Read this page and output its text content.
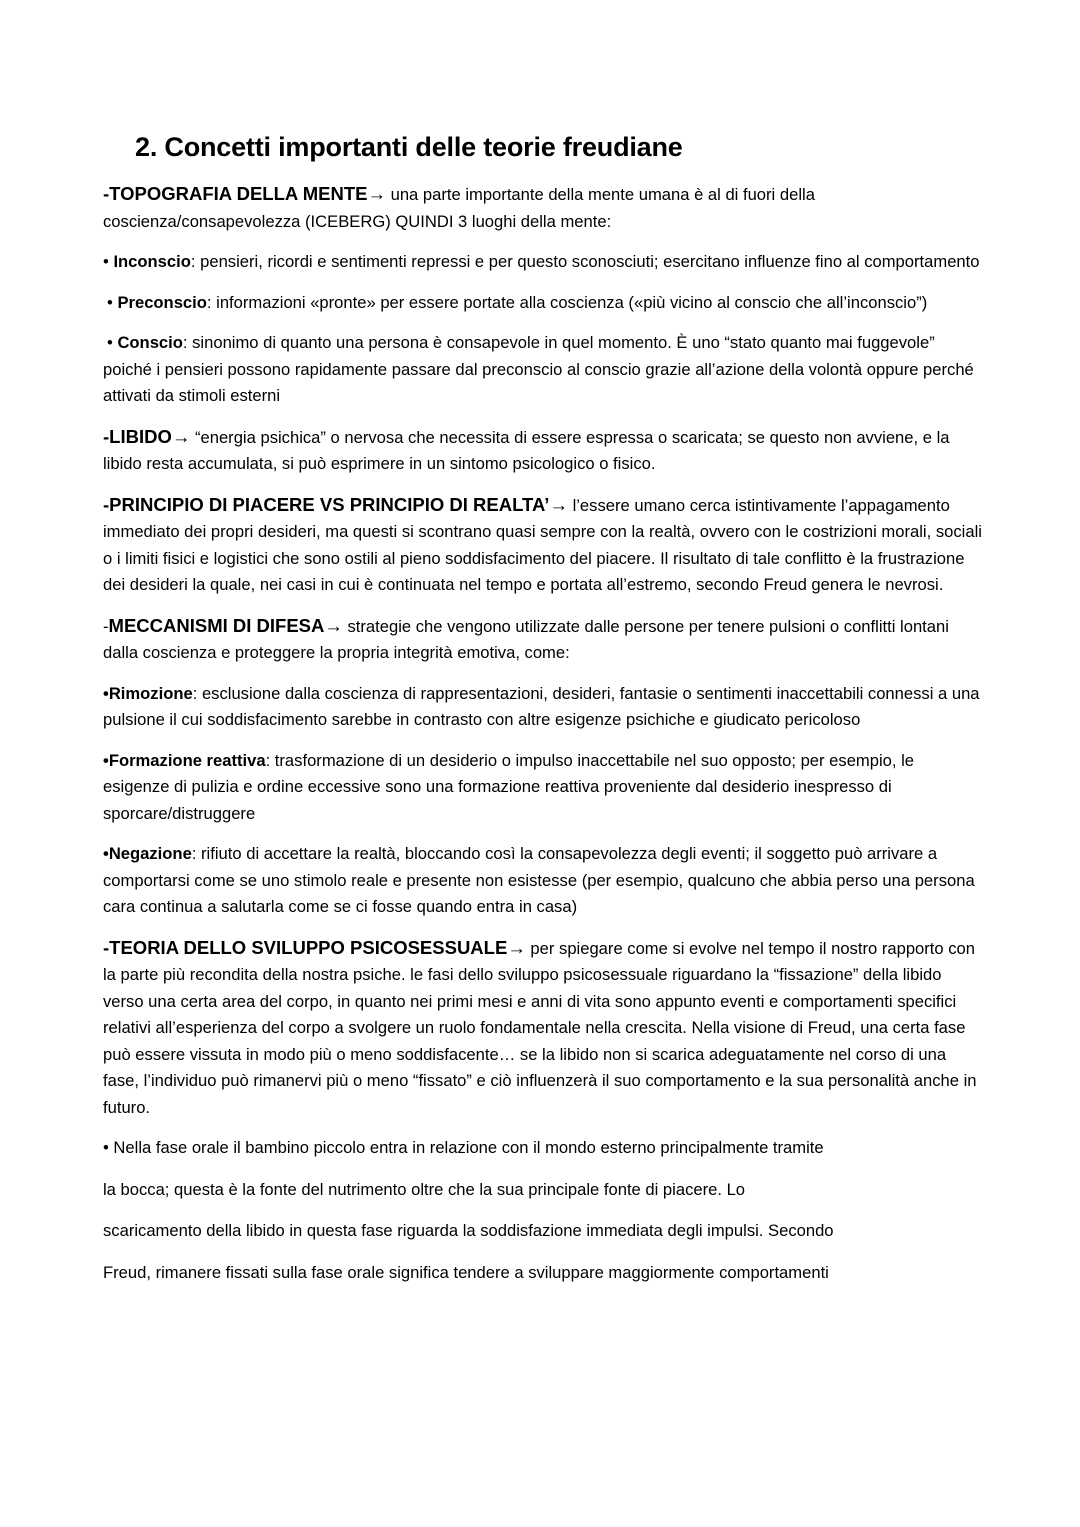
2. Concetti importanti delle teorie freudiane

-TOPOGRAFIA DELLA MENTE→ una parte importante della mente umana è al di fuori della coscienza/consapevolezza (ICEBERG) QUINDI 3 luoghi della mente:

• Inconscio: pensieri, ricordi e sentimenti repressi e per questo sconosciuti; esercitano influenze fino al comportamento

• Preconscio: informazioni «pronte» per essere portate alla coscienza («più vicino al conscio che all’inconscio”)

• Conscio: sinonimo di quanto una persona è consapevole in quel momento. È uno “stato quanto mai fuggevole” poiché i pensieri possono rapidamente passare dal preconscio al conscio grazie all’azione della volontà oppure perché attivati da stimoli esterni

-LIBIDO→ “energia psichica” o nervosa che necessita di essere espressa o scaricata; se questo non avviene, e la libido resta accumulata, si può esprimere in un sintomo psicologico o fisico.

-PRINCIPIO DI PIACERE VS PRINCIPIO DI REALTA’→ l’essere umano cerca istintivamente l’appagamento immediato dei propri desideri, ma questi si scontrano quasi sempre con la realtà, ovvero con le costrizioni morali, sociali o i limiti fisici e logistici che sono ostili al pieno soddisfacimento del piacere. Il risultato di tale conflitto è la frustrazione dei desideri la quale, nei casi in cui è continuata nel tempo e portata all’estremo, secondo Freud genera le nevrosi.

-MECCANISMI DI DIFESA→ strategie che vengono utilizzate dalle persone per tenere pulsioni o conflitti lontani dalla coscienza e proteggere la propria integrità emotiva, come:

•Rimozione: esclusione dalla coscienza di rappresentazioni, desideri, fantasie o sentimenti inaccettabili connessi a una pulsione il cui soddisfacimento sarebbe in contrasto con altre esigenze psichiche e giudicato pericoloso

•Formazione reattiva: trasformazione di un desiderio o impulso inaccettabile nel suo opposto; per esempio, le esigenze di pulizia e ordine eccessive sono una formazione reattiva proveniente dal desiderio inespresso di sporcare/distruggere

•Negazione: rifiuto di accettare la realtà, bloccando così la consapevolezza degli eventi; il soggetto può arrivare a comportarsi come se uno stimolo reale e presente non esistesse (per esempio, qualcuno che abbia perso una persona cara continua a salutarla come se ci fosse quando entra in casa)

-TEORIA DELLO SVILUPPO PSICOSESSUALE→ per spiegare come si evolve nel tempo il nostro rapporto con la parte più recondita della nostra psiche. le fasi dello sviluppo psicosessuale riguardano la “fissazione” della libido verso una certa area del corpo, in quanto nei primi mesi e anni di vita sono appunto eventi e comportamenti specifici relativi all’esperienza del corpo a svolgere un ruolo fondamentale nella crescita. Nella visione di Freud, una certa fase può essere vissuta in modo più o meno soddisfacente… se la libido non si scarica adeguatamente nel corso di una fase, l’individuo può rimanervi più o meno “fissato” e ciò influenzerà il suo comportamento e la sua personalità anche in futuro.

• Nella fase orale il bambino piccolo entra in relazione con il mondo esterno principalmente tramite

la bocca; questa è la fonte del nutrimento oltre che la sua principale fonte di piacere. Lo

scaricamento della libido in questa fase riguarda la soddisfazione immediata degli impulsi. Secondo

Freud, rimanere fissati sulla fase orale significa tendere a sviluppare maggiormente comportamenti
